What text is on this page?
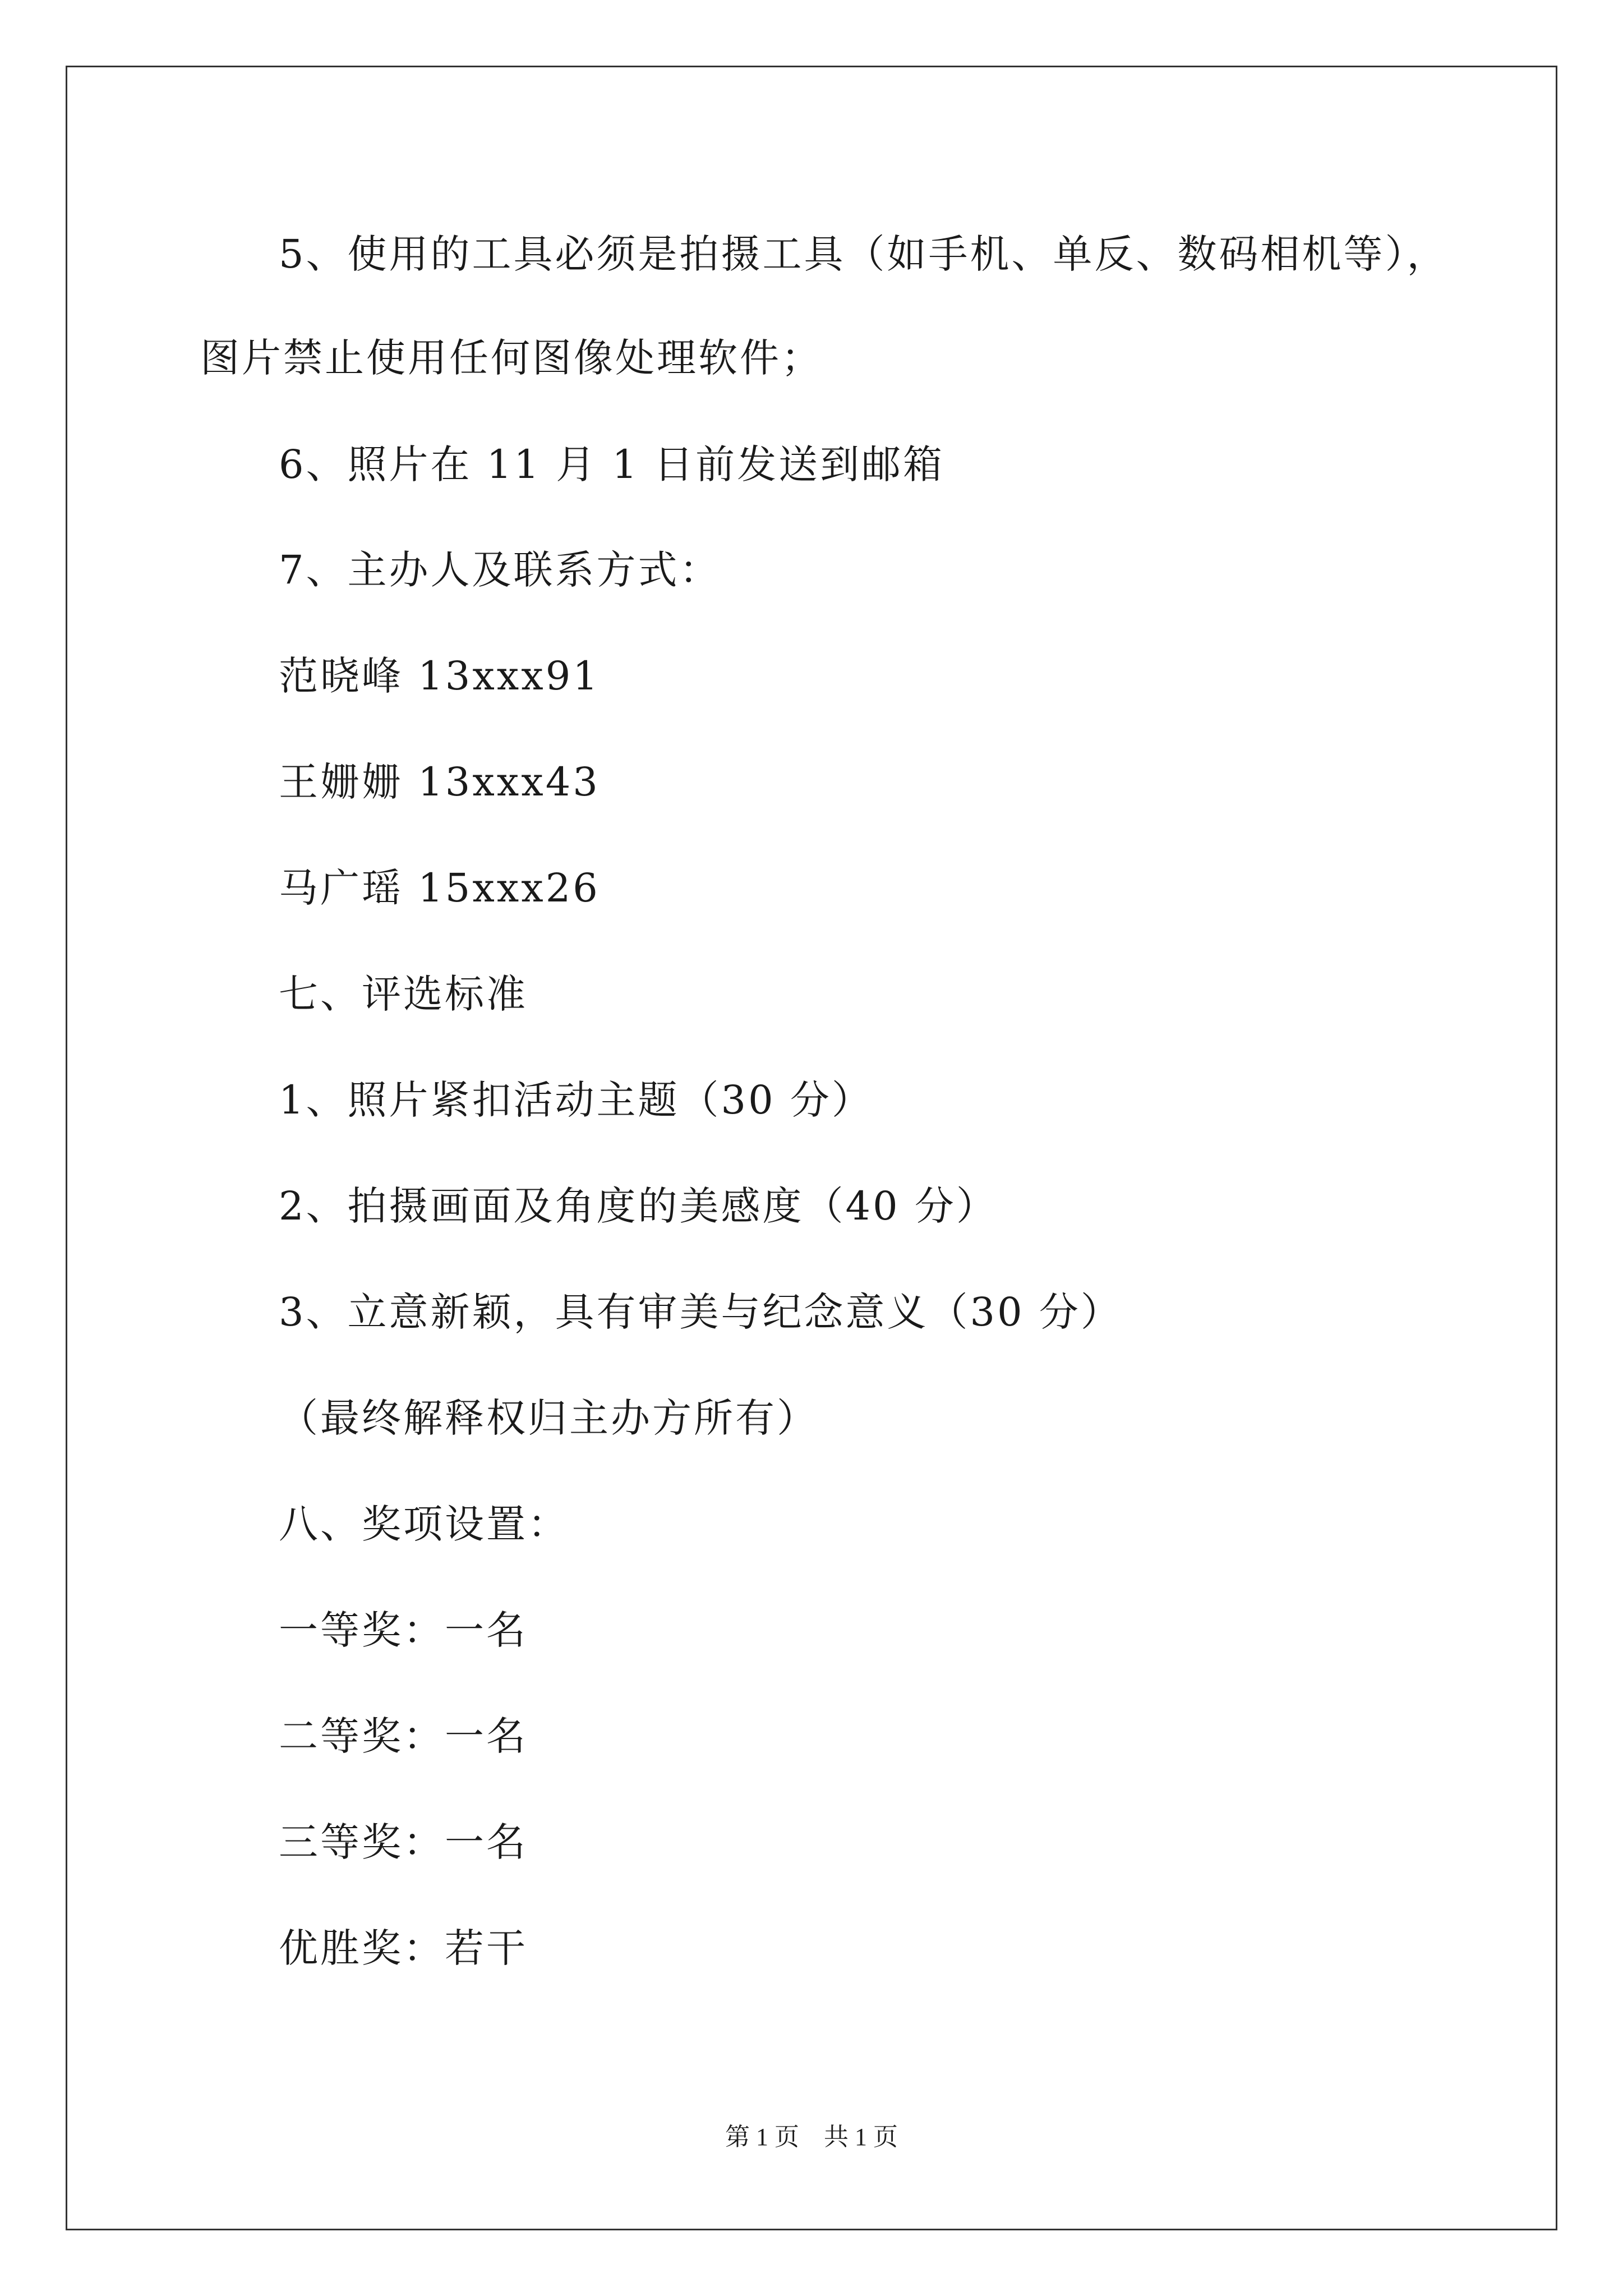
5、使用的工具必须是拍摄工具（如手机、单反、数码相机等），
图片禁止使用任何图像处理软件；
6、照片在 11 月 1 日前发送到邮箱
7、主办人及联系方式：
范晓峰 13xxx91
王姗姗 13xxx43
马广瑶 15xxx26
七、评选标准
1、照片紧扣活动主题（30 分）
2、拍摄画面及角度的美感度（40 分）
3、立意新颖，具有审美与纪念意义（30 分）
（最终解释权归主办方所有）
八、奖项设置：
一等奖：一名
二等奖：一名
三等奖：一名
优胜奖：若干
第 1 页    共 1 页
